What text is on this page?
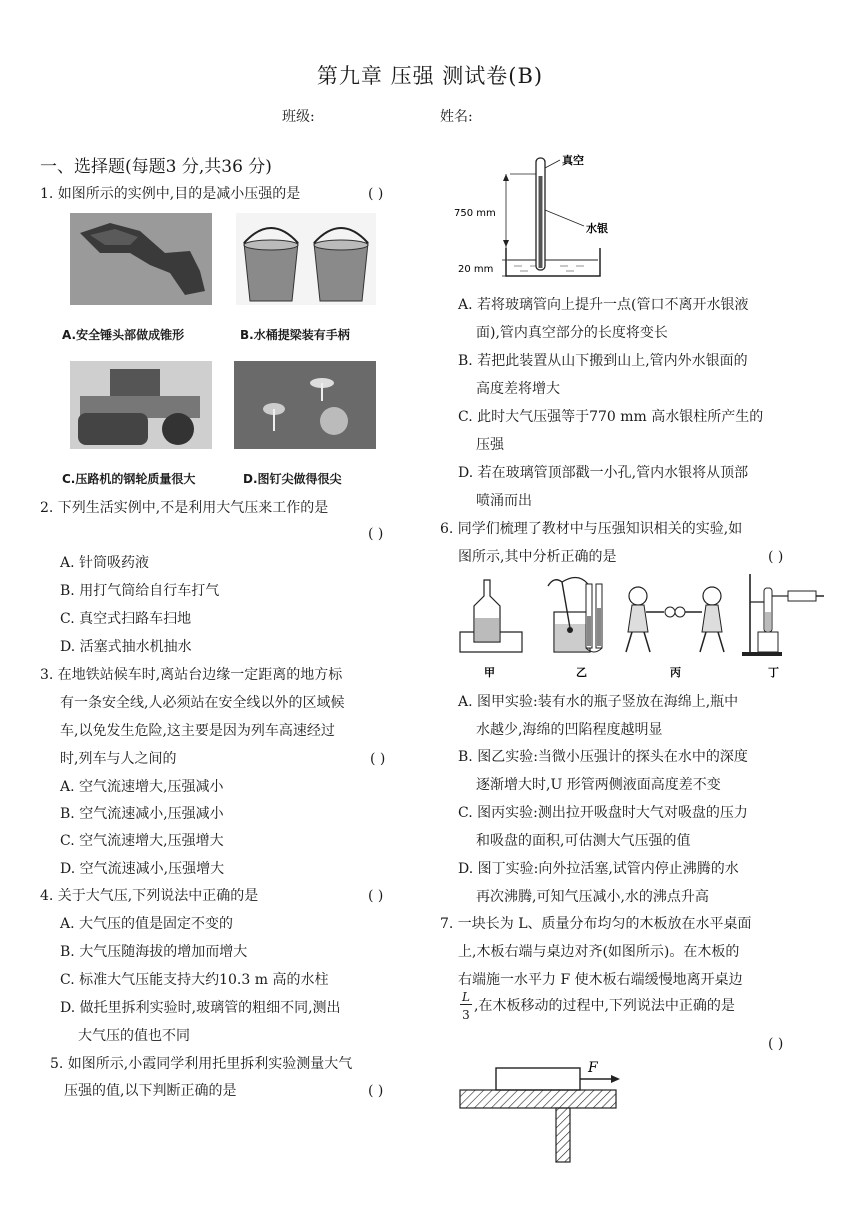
第九章 压强 测试卷(B)
班级:	姓名:
一、选择题(每题3 分,共36 分)
1. 如图所示的实例中,目的是减小压强的是	( )
A.安全锤头部做成锥形	B.水桶提梁装有手柄
C.压路机的钢轮质量很大	D.图钉尖做得很尖
2. 下列生活实例中,不是利用大气压来工作的是
( )
A. 针筒吸药液
B. 用打气筒给自行车打气
C. 真空式扫路车扫地
D. 活塞式抽水机抽水
3. 在地铁站候车时,离站台边缘一定距离的地方标
有一条安全线,人必须站在安全线以外的区域候
车,以免发生危险,这主要是因为列车高速经过
时,列车与人之间的	( )
A. 空气流速增大,压强减小
B. 空气流速减小,压强减小
C. 空气流速增大,压强增大
D. 空气流速减小,压强增大
4. 关于大气压,下列说法中正确的是	( )
A. 大气压的值是固定不变的
B. 大气压随海拔的增加而增大
C. 标准大气压能支持大约10.3 m 高的水柱
D. 做托里拆利实验时,玻璃管的粗细不同,测出
大气压的值也不同
5. 如图所示,小霞同学利用托里拆利实验测量大气
压强的值,以下判断正确的是	( )
真空
水银
750 mm
20 mm
A. 若将玻璃管向上提升一点(管口不离开水银液
面),管内真空部分的长度将变长
B. 若把此装置从山下搬到山上,管内外水银面的
高度差将增大
C. 此时大气压强等于770 mm 高水银柱所产生的
压强
D. 若在玻璃管顶部戳一小孔,管内水银将从顶部
喷涌而出
6. 同学们梳理了教材中与压强知识相关的实验,如
图所示,其中分析正确的是	( )
甲	乙	丙	丁
A. 图甲实验:装有水的瓶子竖放在海绵上,瓶中
水越少,海绵的凹陷程度越明显
B. 图乙实验:当微小压强计的探头在水中的深度
逐渐增大时,U 形管两侧液面高度差不变
C. 图丙实验:测出拉开吸盘时大气对吸盘的压力
和吸盘的面积,可估测大气压强的值
D. 图丁实验:向外拉活塞,试管内停止沸腾的水
再次沸腾,可知气压减小,水的沸点升高
7. 一块长为 L、质量分布均匀的木板放在水平桌面
上,木板右端与桌边对齐(如图所示)。在木板的
右端施一水平力 F 使木板右端缓慢地离开桌边
L
3
,在木板移动的过程中,下列说法中正确的是
( )
F
